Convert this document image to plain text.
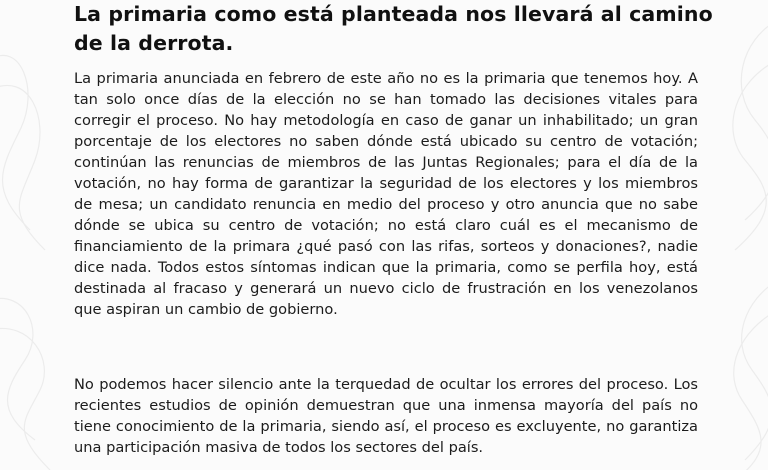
La primaria como está planteada nos llevará al camino de la derrota.

La primaria anunciada en febrero de este año no es la primaria que tenemos hoy. A tan solo once días de la elección no se han tomado las decisiones vitales para corregir el proceso. No hay metodología en caso de ganar un inhabilitado; un gran porcentaje de los electores no saben dónde está ubicado su centro de votación; continúan las renuncias de miembros de las Juntas Regionales; para el día de la votación, no hay forma de garantizar la seguridad de los electores y los miembros de mesa; un candidato renuncia en medio del proceso y otro anuncia que no sabe dónde se ubica su centro de votación; no está claro cuál es el mecanismo de financiamiento de la primara ¿qué pasó con las rifas, sorteos y donaciones?, nadie dice nada. Todos estos síntomas indican que la primaria, como se perfila hoy, está destinada al fracaso y generará un nuevo ciclo de frustración en los venezolanos que aspiran un cambio de gobierno.

No podemos hacer silencio ante la terquedad de ocultar los errores del proceso. Los recientes estudios de opinión demuestran que una inmensa mayoría del país no tiene conocimiento de la primaria, siendo así, el proceso es excluyente, no garantiza una participación masiva de todos los sectores del país.
